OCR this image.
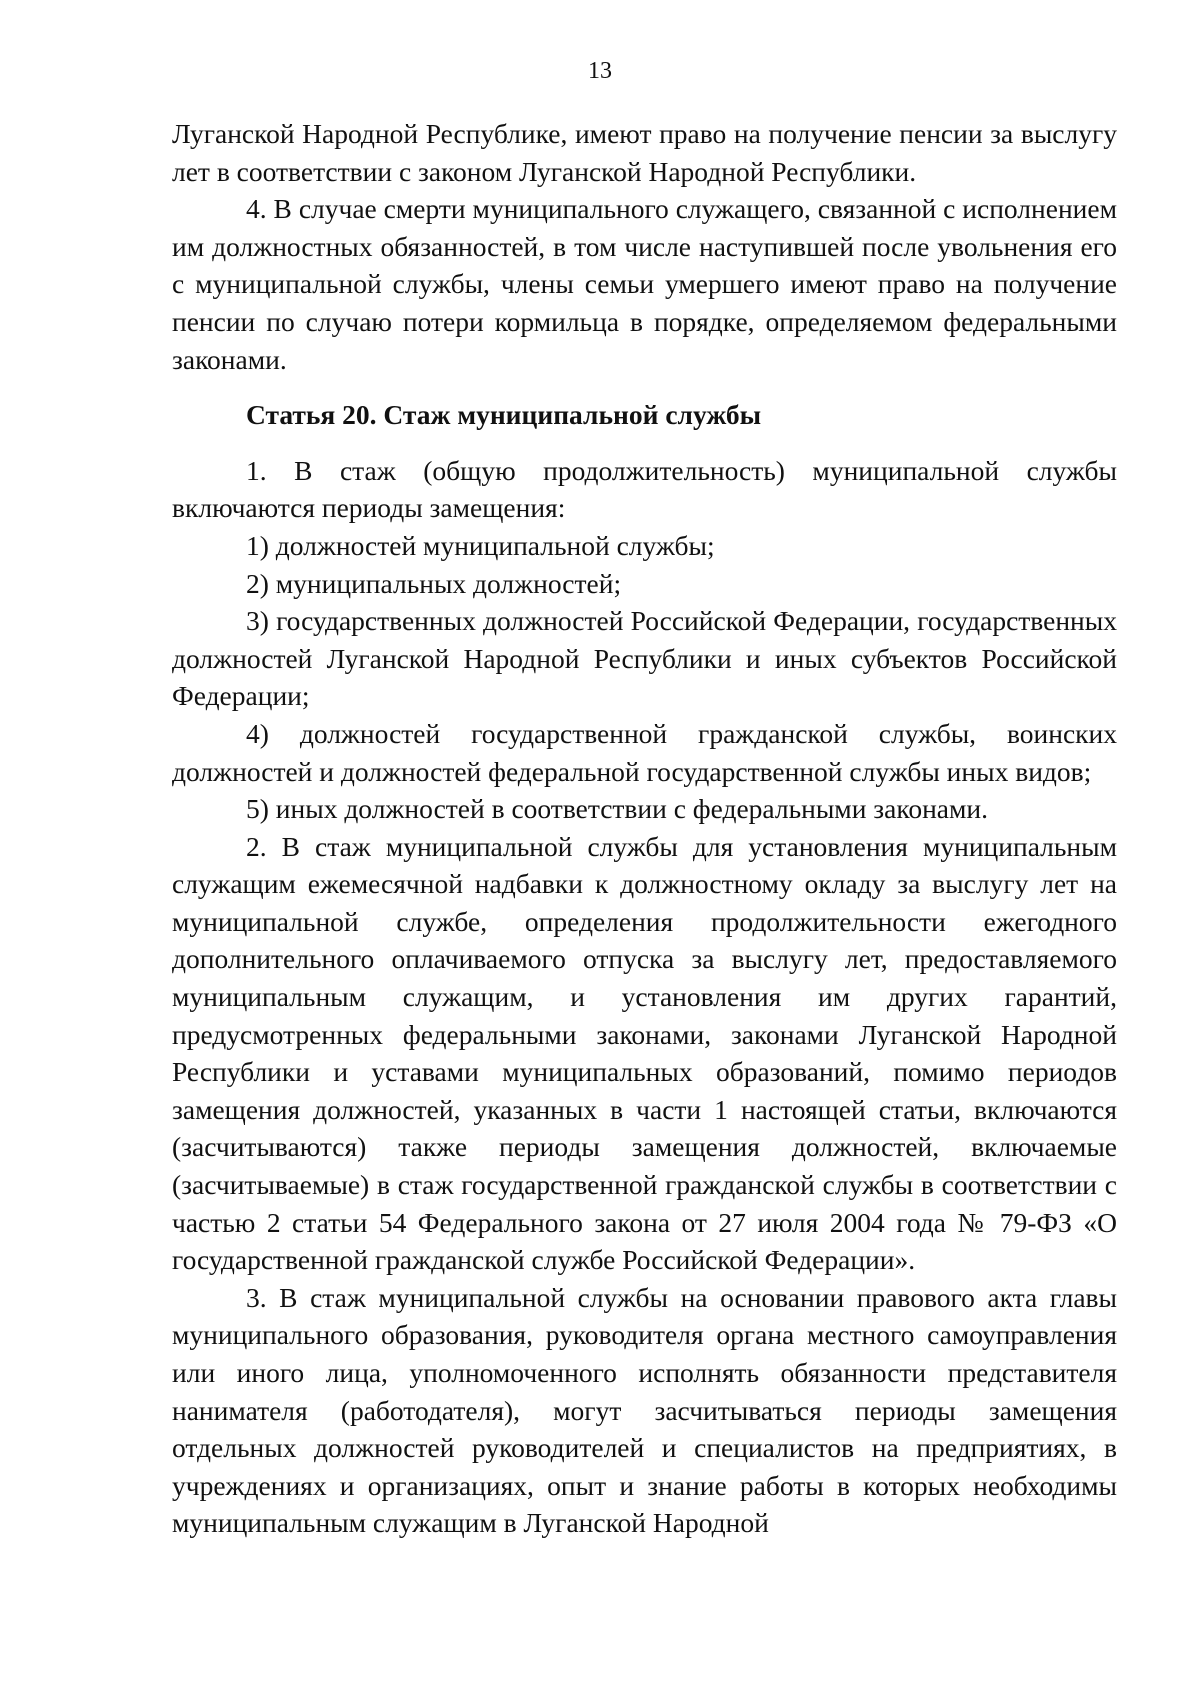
13

Луганской Народной Республике, имеют право на получение пенсии за выслугу лет в соответствии с законом Луганской Народной Республики.

4. В случае смерти муниципального служащего, связанной с исполнением им должностных обязанностей, в том числе наступившей после увольнения его с муниципальной службы, члены семьи умершего имеют право на получение пенсии по случаю потери кормильца в порядке, определяемом федеральными законами.

Статья 20. Стаж муниципальной службы

1. В стаж (общую продолжительность) муниципальной службы включаются периоды замещения:

1) должностей муниципальной службы;

2) муниципальных должностей;

3) государственных должностей Российской Федерации, государственных должностей Луганской Народной Республики и иных субъектов Российской Федерации;

4) должностей государственной гражданской службы, воинских должностей и должностей федеральной государственной службы иных видов;

5) иных должностей в соответствии с федеральными законами.

2. В стаж муниципальной службы для установления муниципальным служащим ежемесячной надбавки к должностному окладу за выслугу лет на муниципальной службе, определения продолжительности ежегодного дополнительного оплачиваемого отпуска за выслугу лет, предоставляемого муниципальным служащим, и установления им других гарантий, предусмотренных федеральными законами, законами Луганской Народной Республики и уставами муниципальных образований, помимо периодов замещения должностей, указанных в части 1 настоящей статьи, включаются (засчитываются) также периоды замещения должностей, включаемые (засчитываемые) в стаж государственной гражданской службы в соответствии с частью 2 статьи 54 Федерального закона от 27 июля 2004 года № 79-ФЗ «О государственной гражданской службе Российской Федерации».

3. В стаж муниципальной службы на основании правового акта главы муниципального образования, руководителя органа местного самоуправления или иного лица, уполномоченного исполнять обязанности представителя нанимателя (работодателя), могут засчитываться периоды замещения отдельных должностей руководителей и специалистов на предприятиях, в учреждениях и организациях, опыт и знание работы в которых необходимы муниципальным служащим в Луганской Народной
